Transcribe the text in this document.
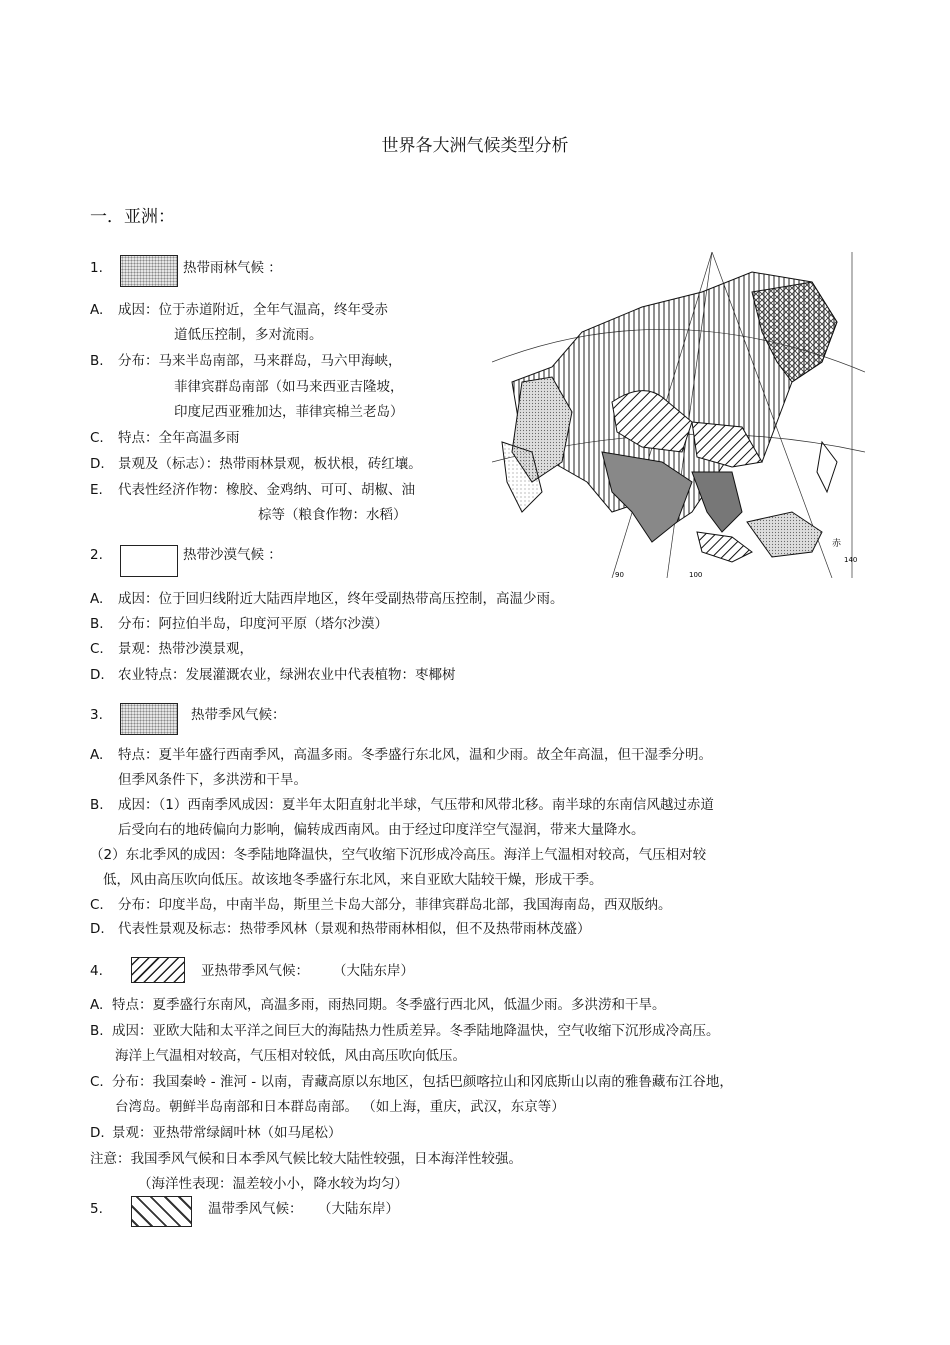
世界各大洲气候类型分析
一．亚洲：
1.	热带雨林气候 ：
A. 成因：位于赤道附近，全年气温高，终年受赤
道低压控制，多对流雨。
B. 分布：马来半岛南部，马来群岛，马六甲海峡，
菲律宾群岛南部（如马来西亚吉隆坡，
印度尼西亚雅加达，菲律宾棉兰老岛）
C. 特点：全年高温多雨
D. 景观及（标志）：热带雨林景观，板状根，砖红壤。
E. 代表性经济作物：橡胶、金鸡纳、可可、胡椒、油
棕等（粮食作物：水稻）
赤
90	100
140
2.	热带沙漠气候 ：
A. 成因：位于回归线附近大陆西岸地区，终年受副热带高压控制，高温少雨。
B. 分布：阿拉伯半岛，印度河平原（塔尔沙漠）
C. 景观：热带沙漠景观，
D. 农业特点：发展灌溉农业，绿洲农业中代表植物：枣椰树
3.	热带季风气候：
A. 特点：夏半年盛行西南季风，高温多雨。冬季盛行东北风，温和少雨。故全年高温，但干湿季分明。
但季风条件下，多洪涝和干旱。
B. 成因：（1）西南季风成因：夏半年太阳直射北半球，气压带和风带北移。南半球的东南信风越过赤道
后受向右的地砖偏向力影响，偏转成西南风。由于经过印度洋空气湿润，带来大量降水。
（2）东北季风的成因：冬季陆地降温快，空气收缩下沉形成冷高压。海洋上气温相对较高，气压相对较
低，风由高压吹向低压。故该地冬季盛行东北风，来自亚欧大陆较干燥，形成干季。
C. 分布：印度半岛，中南半岛，斯里兰卡岛大部分，菲律宾群岛北部，我国海南岛，西双版纳。
D. 代表性景观及标志：热带季风林（景观和热带雨林相似，但不及热带雨林茂盛）
4.	亚热带季风气候： （大陆东岸）
A. 特点：夏季盛行东南风，高温多雨，雨热同期。冬季盛行西北风，低温少雨。多洪涝和干旱。
B. 成因：亚欧大陆和太平洋之间巨大的海陆热力性质差异。冬季陆地降温快，空气收缩下沉形成冷高压。
海洋上气温相对较高，气压相对较低，风由高压吹向低压。
C. 分布：我国秦岭 - 淮河 - 以南，青藏高原以东地区，包括巴颜喀拉山和冈底斯山以南的雅鲁藏布江谷地，
台湾岛。朝鲜半岛南部和日本群岛南部。 （如上海，重庆，武汉，东京等）
D. 景观：亚热带常绿阔叶林（如马尾松）
注意：我国季风气候和日本季风气候比较大陆性较强，日本海洋性较强。
（海洋性表现：温差较小小，降水较为均匀）
5.	温带季风气候： （大陆东岸）
